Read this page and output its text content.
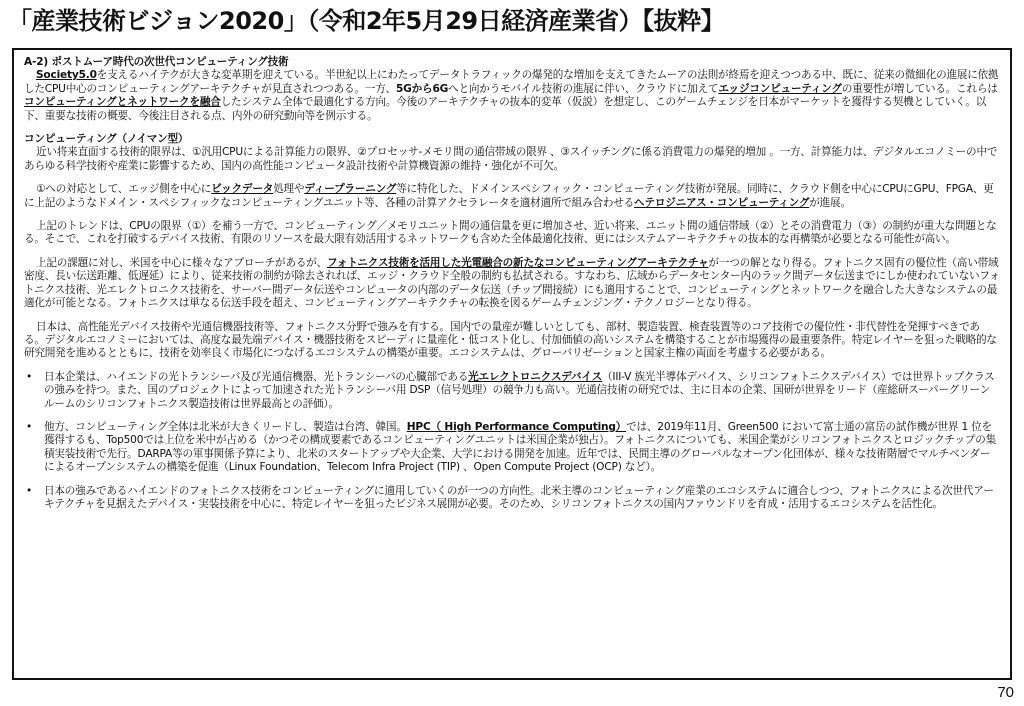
「産業技術ビジョン2020」（令和2年5月29日経済産業省）【抜粋】

A-2) ポストムーア時代の次世代コンピューティング技術

Society5.0を支えるハイテクが大きな変革期を迎えている。半世紀以上にわたってデータトラフィックの爆発的な増加を支えてきたムーアの法則が終焉を迎えつつある中、既に、従来の微細化の進展に依拠したCPU中心のコンピューティングアーキテクチャが見直されつつある。一方、5Gから6Gへと向かうモバイル技術の進展に伴い、クラウドに加えてエッジコンピューティングの重要性が増している。これらはコンピューティングとネットワークを融合したシステム全体で最適化する方向。今後のアーキテクチャの抜本的変革（仮説）を想定し、このゲームチェンジを日本がマーケットを獲得する契機としていく。以下、重要な技術の概要、今後注目される点、内外の研究動向等を例示する。

コンピューティング（ノイマン型）

近い将来直面する技術的限界は、①汎用CPUによる計算能力の限界、②プロセッサ-メモリ間の通信帯域の限界 、③スイッチングに係る消費電力の爆発的増加 。一方、計算能力は、デジタルエコノミーの中であらゆる科学技術や産業に影響するため、国内の高性能コンピュータ設計技術や計算機資源の維持・強化が不可欠。

①への対応として、エッジ側を中心にビックデータ処理やディープラーニング等に特化した、ドメインスペシフィック・コンピューティング技術が発展。同時に、クラウド側を中心にCPUにGPU、FPGA、更に上記のようなドメイン・スペシフィックなコンピューティングユニット等、各種の計算アクセラレータを適材適所で組み合わせるヘテロジニアス・コンピューティングが進展。

上記のトレンドは、CPUの限界（①）を補う一方で、コンピューティング／メモリユニット間の通信量を更に増加させ、近い将来、ユニット間の通信帯域（②）とその消費電力（③）の制約が重大な問題となる。そこで、これを打破するデバイス技術、有限のリソースを最大限有効活用するネットワークも含めた全体最適化技術、更にはシステムアーキテクチャの抜本的な再構築が必要となる可能性が高い。

上記の課題に対し、米国を中心に様々なアプローチがあるが、フォトニクス技術を活用した光電融合の新たなコンピューティングアーキテクチャが一つの解となり得る。フォトニクス固有の優位性（高い帯域密度、長い伝送距離、低遅延）により、従来技術の制約が除去されれば、エッジ・クラウド全般の制約も払拭される。すなわち、広域からデータセンター内のラック間データ伝送までにしか使われていないフォトニクス技術、光エレクトロニクス技術を、サーバー間データ伝送やコンピュータの内部のデータ伝送（チップ間接続）にも適用することで、コンピューティングとネットワークを融合した大きなシステムの最適化が可能となる。フォトニクスは単なる伝送手段を超え、コンピューティングアーキテクチャの転換を図るゲームチェンジング・テクノロジーとなり得る。

日本は、高性能光デバイス技術や光通信機器技術等、フォトニクス分野で強みを有する。国内での量産が難しいとしても、部材、製造装置、検査装置等のコア技術での優位性・非代替性を発揮すべきである。デジタルエコノミーにおいては、高度な最先端デバイス・機器技術をスピーディに量産化・低コスト化し、付加価値の高いシステムを構築することが市場獲得の最重要条件。特定レイヤーを狙った戦略的な研究開発を進めるとともに、技術を効率良く市場化につなげるエコシステムの構築が重要。エコシステムは、グローバリゼーションと国家主権の両面を考慮する必要がある。

• 日本企業は、ハイエンドの光トランシーバ及び光通信機器、光トランシーバの心臓部である光エレクトロニクスデバイス（III-V 族光半導体デバイス、シリコンフォトニクスデバイス）では世界トップクラスの強みを持つ。また、国のプロジェクトによって加速された光トランシーバ用 DSP（信号処理）の競争力も高い。光通信技術の研究では、主に日本の企業、国研が世界をリード（産総研スーパーグリーンルームのシリコンフォトニクス製造技術は世界最高との評価）。

• 他方、コンピューティング全体は北米が大きくリードし、製造は台湾、韓国。HPC（ High Performance Computing）では、2019年11月、Green500 において富士通の富岳の試作機が世界 1 位を獲得するも、Top500では上位を米中が占める（かつその構成要素であるコンピューティングユニットは米国企業が独占）。フォトニクスについても、米国企業がシリコンフォトニクスとロジックチップの集積実装技術で先行。DARPA等の軍事関係予算により、北米のスタートアップや大企業、大学における開発を加速。近年では、民間主導のグローバルなオープン化団体が、様々な技術階層でマルチベンダーによるオープンシステムの構築を促進（Linux Foundation、Telecom Infra Project (TIP) 、Open Compute Project (OCP) など）。

• 日本の強みであるハイエンドのフォトニクス技術をコンピューティングに適用していくのが一つの方向性。北米主導のコンピューティング産業のエコシステムに適合しつつ、フォトニクスによる次世代アーキテクチャを見据えたデバイス・実装技術を中心に、特定レイヤーを狙ったビジネス展開が必要。そのため、シリコンフォトニクスの国内ファウンドリを育成・活用するエコシステムを活性化。

70
